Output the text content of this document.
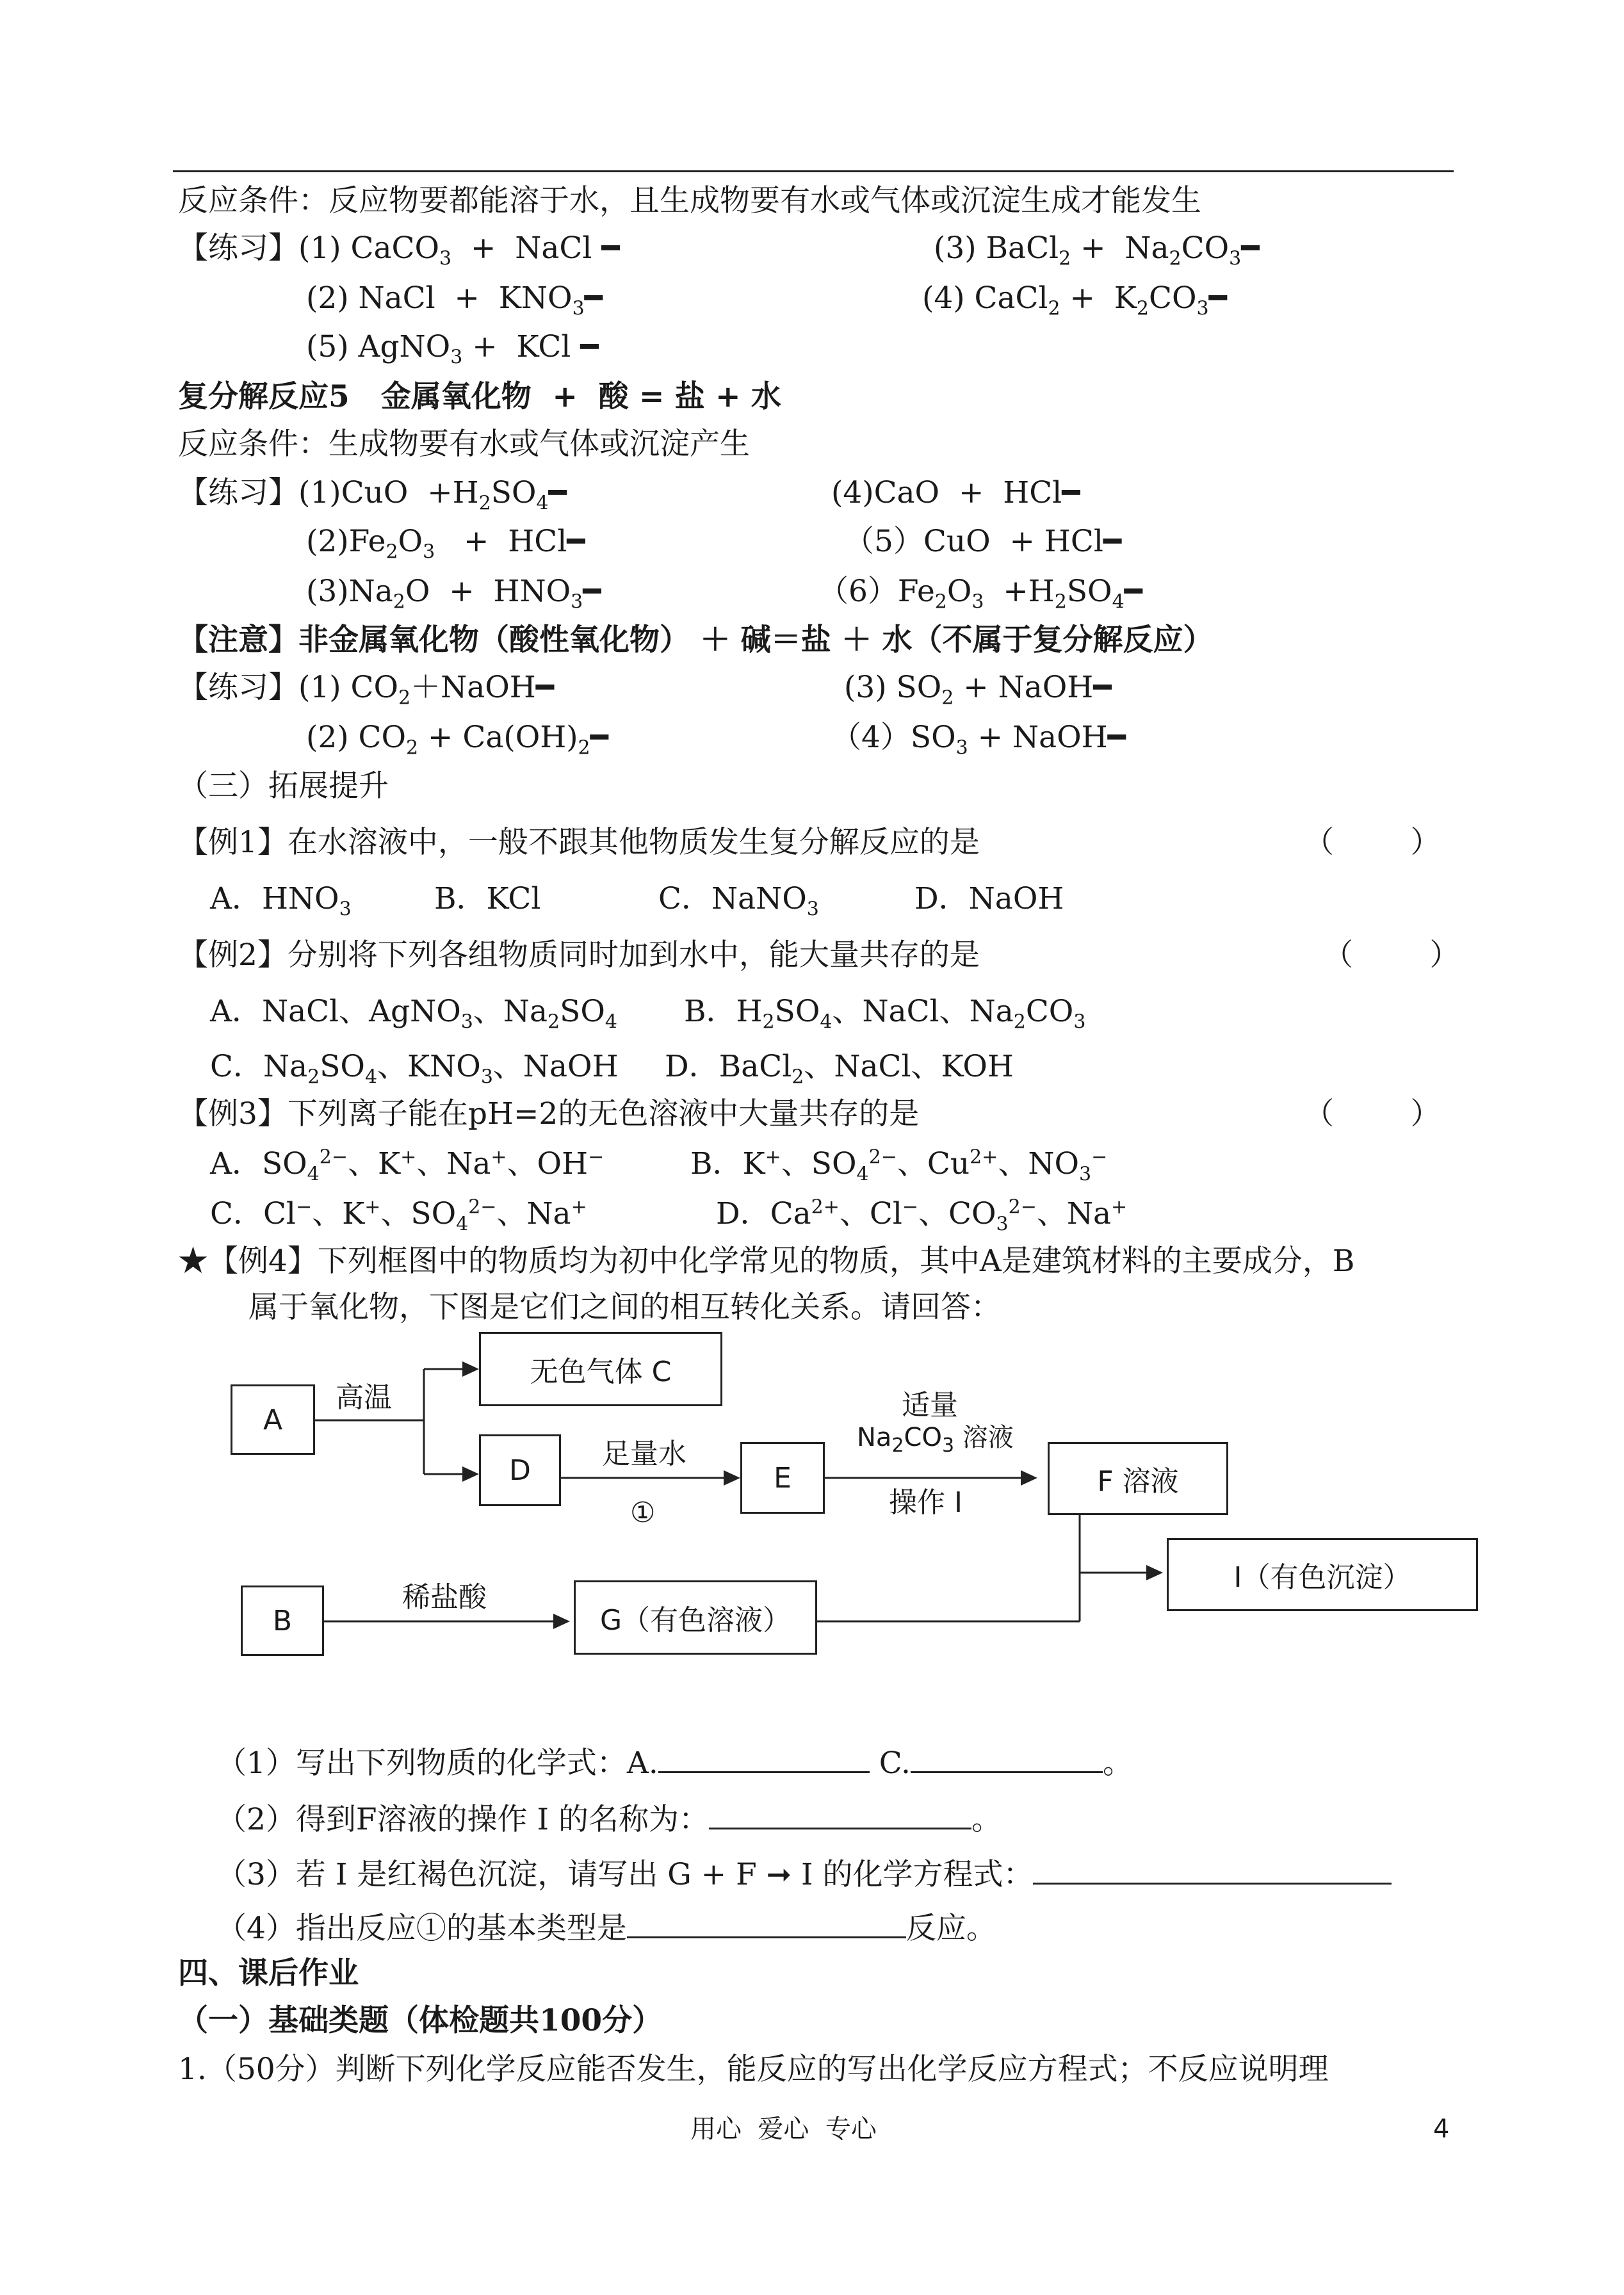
反应条件：反应物要都能溶于水，且生成物要有水或气体或沉淀生成才能发生
【练习】(1) CaCO$_3$  +  NaCl ━	(3) BaCl$_2$ +  $Na_2CO_3━$
(2) NaCl  +  $KNO_3━$	(4) CaCl$_2$ +  $K_2CO_3━$
(5) AgNO$_3$ +  KCl ━
复分解反应5   金属氧化物  +  酸 = 盐 + 水
反应条件：生成物要有水或气体或沉淀产生
【练习】$(1)CuO +H_2SO_4━$	(4)CaO  +  HCl━
$(2)Fe_2O_3$   +  HCl━	（5）CuO  + HCl━
$(3)Na_2O$  +  $HNO_3━$	$(6)Fe_2O_3$  $+H_2SO_4━$
【注意】非金属氧化物（酸性氧化物） ＋ 碱＝盐 ＋ 水（不属于复分解反应）
【练习】(1) $CO_2+NaOH━$	(3) $SO_2$ + NaOH━
(2) $CO_2$ + $Ca(OH)_2━$	$(4)SO_3$ + NaOH━
（三）拓展提升
【例1】在水溶液中，一般不跟其他物质发生复分解反应的是	（        ）
A．$HNO_3$	B．KCl	C．NaNO$_3$	D．NaOH
【例2】分别将下列各组物质同时加到水中，能大量共存的是	（        ）
A．NaCl、AgNO$_3$、$Na_2SO_4$ B．$H_2SO_4$、NaCl、$Na_2CO_3$
C．$Na_2SO_4$、$KNO_3$、NaOH D．BaCl$_2$、NaCl、KOH
【例3】下列离子能在pH=2的无色溶液中大量共存的是	（        ）
A．$SO_4^{2-}$、K+、Na+、OH−	B．K+、$SO_4^{2-}$、$Cu^{2+}$、$NO_3^-$
C．Cl−、K+、$SO_4^{2-}$、Na+	D．$Ca^{2+}$、Cl−、$CO_3^{2-}$、Na+
★【例4】下列框图中的物质均为初中化学常见的物质，其中A是建筑材料的主要成分，B
属于氧化物，下图是它们之间的相互转化关系。请回答：
A
无色气体 C
D	E	F 溶液
I（有色沉淀）
B	G（有色溶液）
高温
足量水
①
适量
$Na_2CO_3$ 溶液
操作 I
稀盐酸
（1）写出下列物质的化学式：A.	C.	。
（2）得到F溶液的操作 I 的名称为：	。
（3）若 I 是红褐色沉淀，请写出 G + F ➞ I 的化学方程式：
（4）指出反应①的基本类型是	反应。
四、课后作业
（一）基础类题（体检题共100分）
1.（50分）判断下列化学反应能否发生，能反应的写出化学反应方程式；不反应说明理
用心  爱心  专心	4
